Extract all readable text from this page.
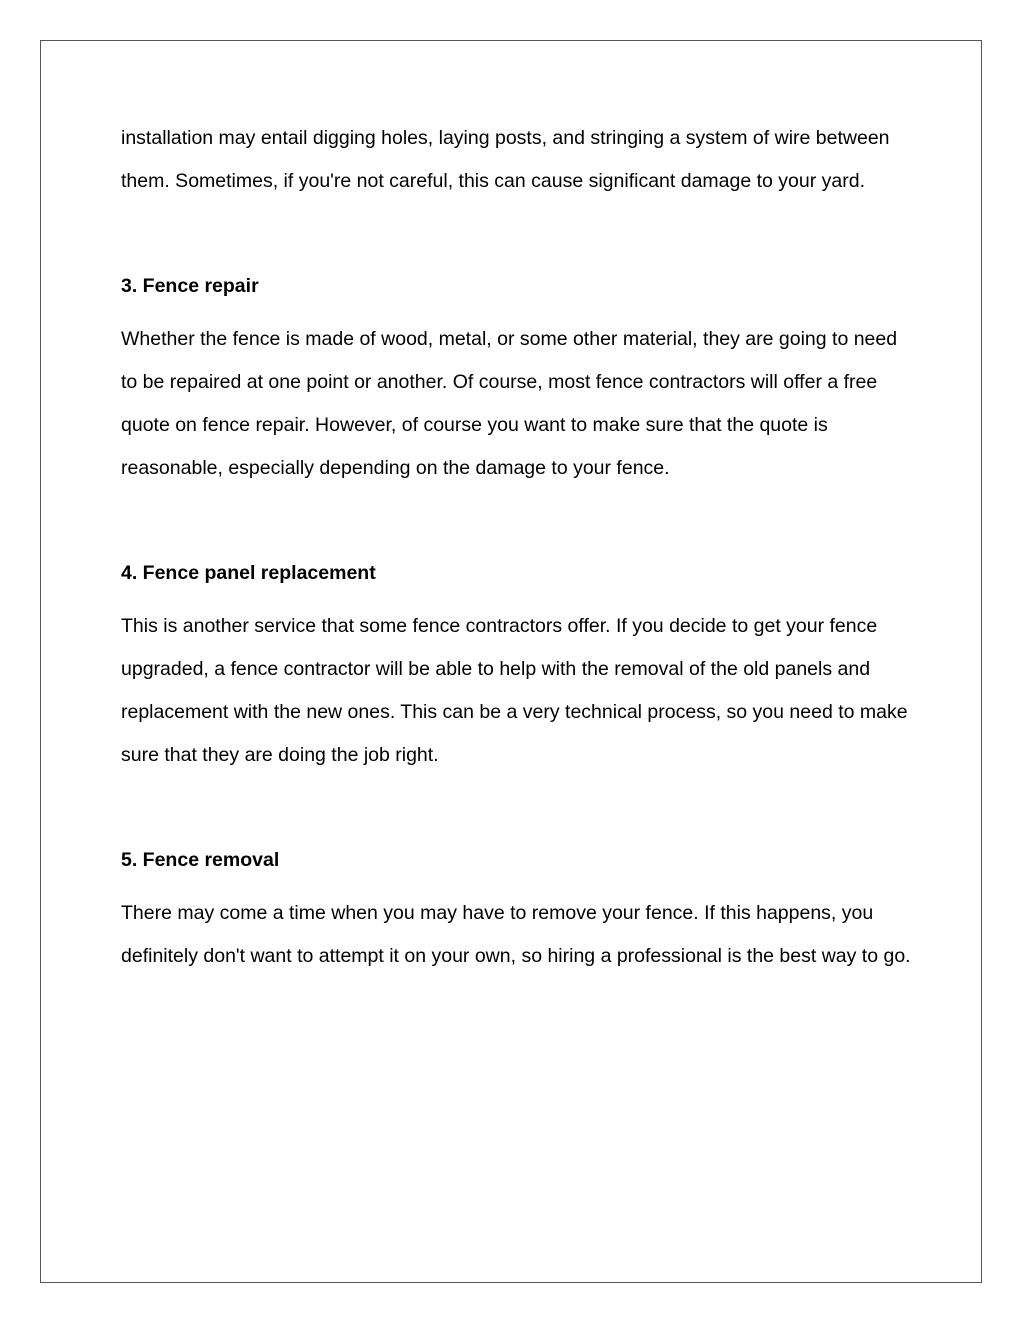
installation may entail digging holes, laying posts, and stringing a system of wire between them. Sometimes, if you're not careful, this can cause significant damage to your yard.

3. Fence repair

Whether the fence is made of wood, metal, or some other material, they are going to need to be repaired at one point or another. Of course, most fence contractors will offer a free quote on fence repair. However, of course you want to make sure that the quote is reasonable, especially depending on the damage to your fence.

4. Fence panel replacement

This is another service that some fence contractors offer. If you decide to get your fence upgraded, a fence contractor will be able to help with the removal of the old panels and replacement with the new ones. This can be a very technical process, so you need to make sure that they are doing the job right.

5. Fence removal

There may come a time when you may have to remove your fence. If this happens, you definitely don't want to attempt it on your own, so hiring a professional is the best way to go.
